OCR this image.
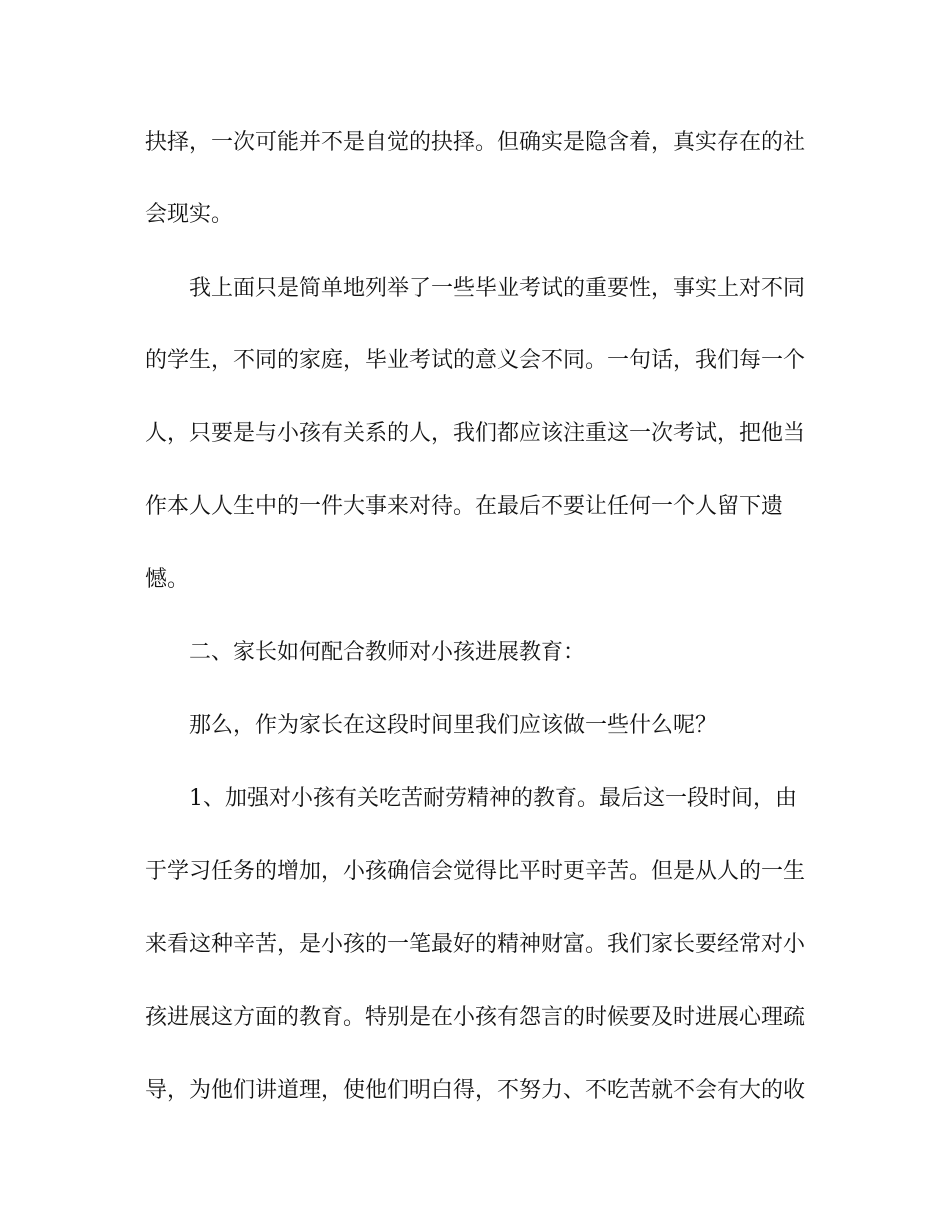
抉择，一次可能并不是自觉的抉择。但确实是隐含着，真实存在的社
会现实。
我上面只是简单地列举了一些毕业考试的重要性，事实上对不同
的学生，不同的家庭，毕业考试的意义会不同。一句话，我们每一个
人，只要是与小孩有关系的人，我们都应该注重这一次考试，把他当
作本人人生中的一件大事来对待。在最后不要让任何一个人留下遗
憾。
二、家长如何配合教师对小孩进展教育：
那么，作为家长在这段时间里我们应该做一些什么呢？
1、加强对小孩有关吃苦耐劳精神的教育。最后这一段时间，由
于学习任务的增加，小孩确信会觉得比平时更辛苦。但是从人的一生
来看这种辛苦，是小孩的一笔最好的精神财富。我们家长要经常对小
孩进展这方面的教育。特别是在小孩有怨言的时候要及时进展心理疏
导，为他们讲道理，使他们明白得，不努力、不吃苦就不会有大的收
